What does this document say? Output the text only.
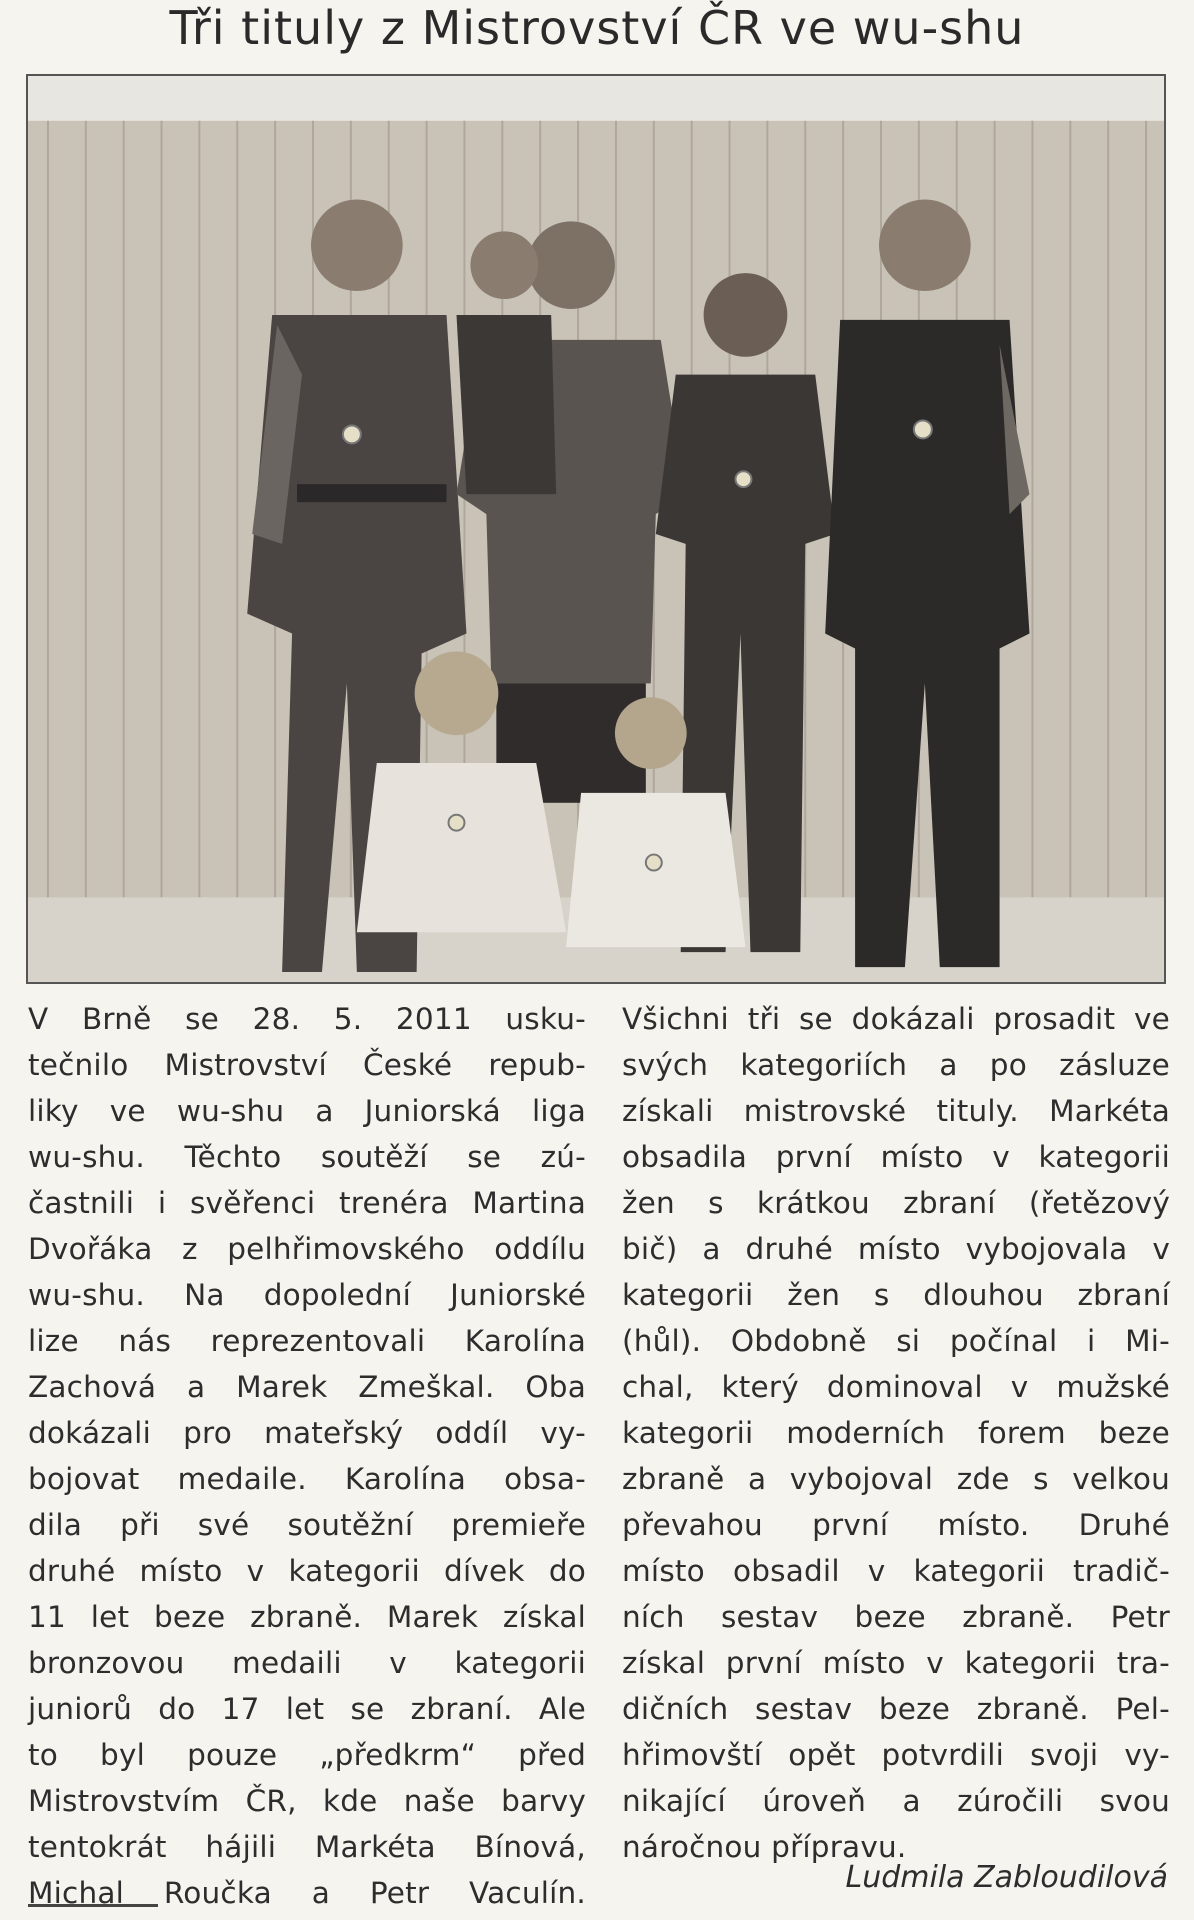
Tři tituly z Mistrovství ČR ve wu-shu
V Brně se 28. 5. 2011 usku-
tečnilo Mistrovství České repub-
liky ve wu-shu a Juniorská liga
wu-shu. Těchto soutěží se zú-
častnili i svěřenci trenéra Martina
Dvořáka z pelhřimovského oddílu
wu-shu. Na dopolední Juniorské
lize nás reprezentovali Karolína
Zachová a Marek Zmeškal. Oba
dokázali pro mateřský oddíl vy-
bojovat medaile. Karolína obsa-
dila při své soutěžní premieře
druhé místo v kategorii dívek do
11 let beze zbraně. Marek získal
bronzovou medaili v kategorii
juniorů do 17 let se zbraní. Ale
to byl pouze „předkrm“ před
Mistrovstvím ČR, kde naše barvy
tentokrát hájili Markéta Bínová,
Michal Roučka a Petr Vaculín.
Všichni tři se dokázali prosadit ve
svých kategoriích a po zásluze
získali mistrovské tituly. Markéta
obsadila první místo v kategorii
žen s krátkou zbraní (řetězový
bič) a druhé místo vybojovala v
kategorii žen s dlouhou zbraní
(hůl). Obdobně si počínal i Mi-
chal, který dominoval v mužské
kategorii moderních forem beze
zbraně a vybojoval zde s velkou
převahou první místo. Druhé
místo obsadil v kategorii tradič-
ních sestav beze zbraně. Petr
získal první místo v kategorii tra-
dičních sestav beze zbraně. Pel-
hřimovští opět potvrdili svoji vy-
nikající úroveň a zúročili svou
náročnou přípravu.
Ludmila Zabloudilová
